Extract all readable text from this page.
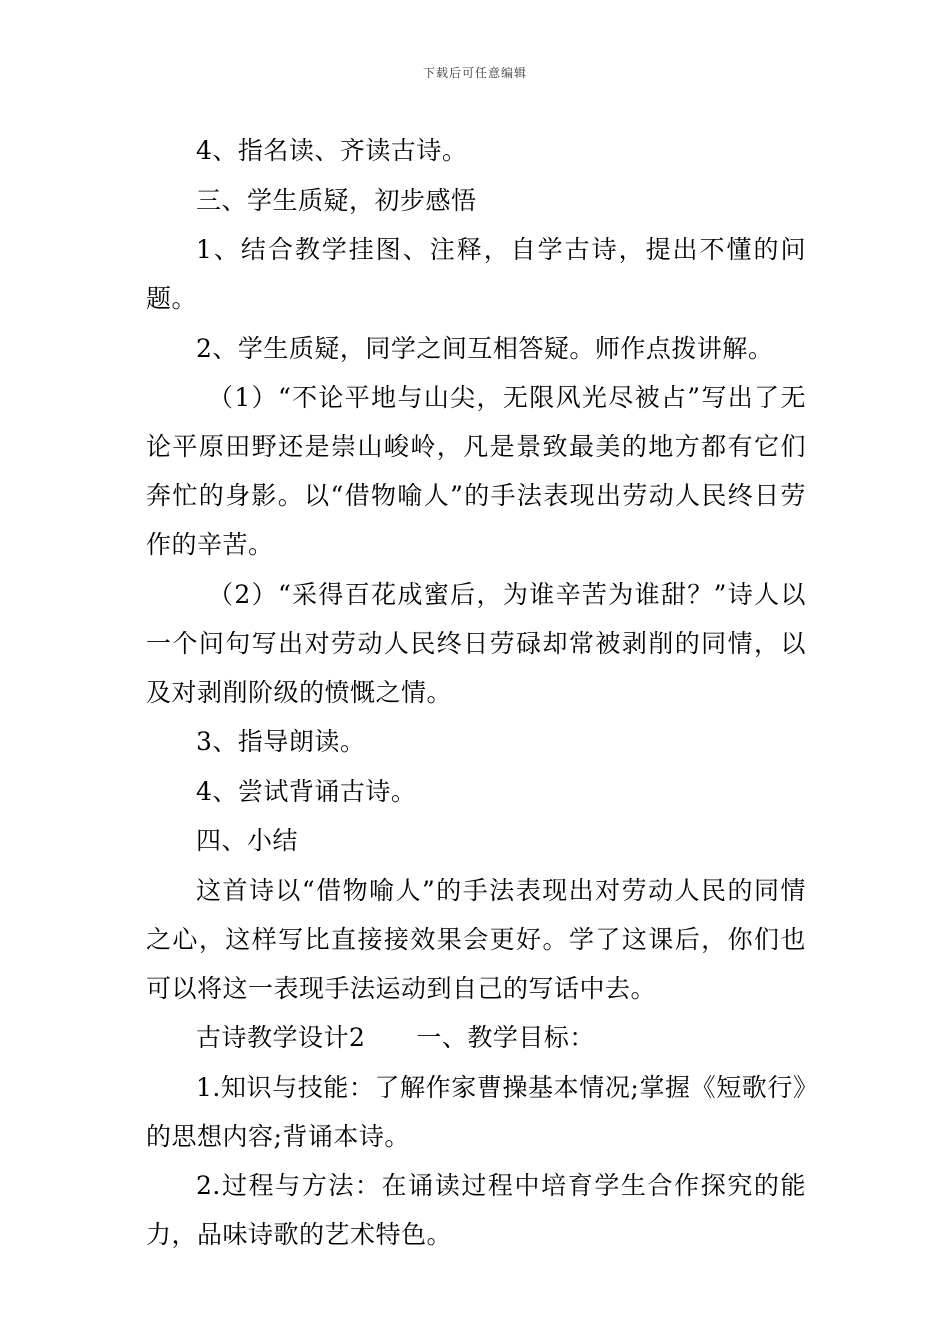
下载后可任意编辑

4、指名读、齐读古诗。

三、学生质疑，初步感悟

1、结合教学挂图、注释，自学古诗，提出不懂的问题。

2、学生质疑，同学之间互相答疑。师作点拨讲解。

（1）“不论平地与山尖，无限风光尽被占”写出了无论平原田野还是崇山峻岭，凡是景致最美的地方都有它们奔忙的身影。以“借物喻人”的手法表现出劳动人民终日劳作的辛苦。

（2）“采得百花成蜜后，为谁辛苦为谁甜？”诗人以一个问句写出对劳动人民终日劳碌却常被剥削的同情，以及对剥削阶级的愤慨之情。

3、指导朗读。

4、尝试背诵古诗。

四、小结

这首诗以“借物喻人”的手法表现出对劳动人民的同情之心，这样写比直接接效果会更好。学了这课后，你们也可以将这一表现手法运动到自己的写话中去。

古诗教学设计2　　一、教学目标：

1.知识与技能：了解作家曹操基本情况;掌握《短歌行》的思想内容;背诵本诗。

2.过程与方法：在诵读过程中培育学生合作探究的能力，品味诗歌的艺术特色。
